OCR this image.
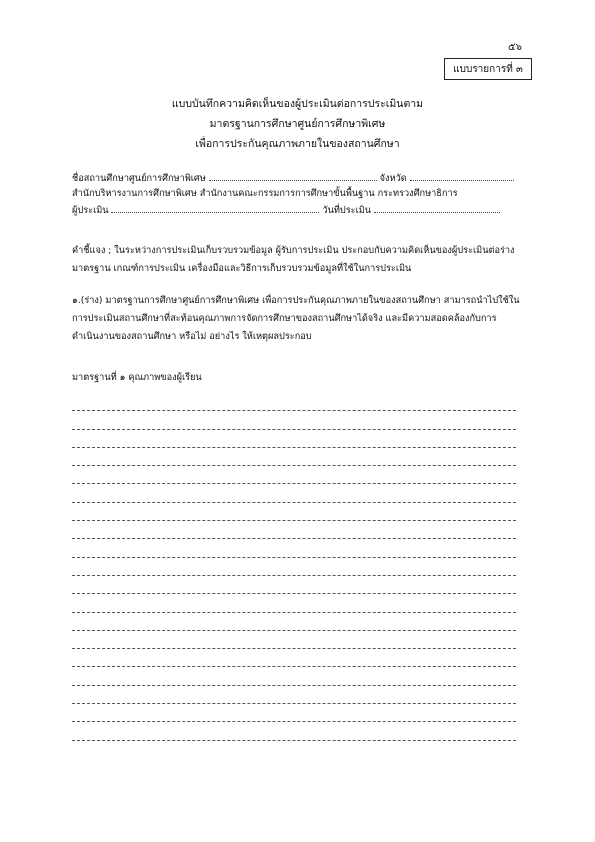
๕๖
แบบรายการที่ ๓
แบบบันทึกความคิดเห็นของผู้ประเมินต่อการประเมินตาม
มาตรฐานการศึกษาศูนย์การศึกษาพิเศษ
เพื่อการประกันคุณภาพภายในของสถานศึกษา
ชื่อสถานศึกษาศูนย์การศึกษาพิเศษ	จังหวัด
สำนักบริหารงานการศึกษาพิเศษ สำนักงานคณะกรรมการการศึกษาขั้นพื้นฐาน กระทรวงศึกษาธิการ
ผู้ประเมิน	วันที่ประเมิน
คำชี้แจง ; ในระหว่างการประเมินเก็บรวบรวมข้อมูล ผู้รับการประเมิน ประกอบกับความคิดเห็นของผู้ประเมินต่อร่างมาตรฐาน เกณฑ์การประเมิน เครื่องมือและวิธีการเก็บรวบรวมข้อมูลที่ใช้ในการประเมิน
๑.(ร่าง) มาตรฐานการศึกษาศูนย์การศึกษาพิเศษ เพื่อการประกันคุณภาพภายในของสถานศึกษา สามารถนำไปใช้ในการประเมินสถานศึกษาที่สะท้อนคุณภาพการจัดการศึกษาของสถานศึกษาได้จริง และมีความสอดคล้องกับการดำเนินงานของสถานศึกษา หรือไม่ อย่างไร ให้เหตุผลประกอบ
มาตรฐานที่ ๑ คุณภาพของผู้เรียน
